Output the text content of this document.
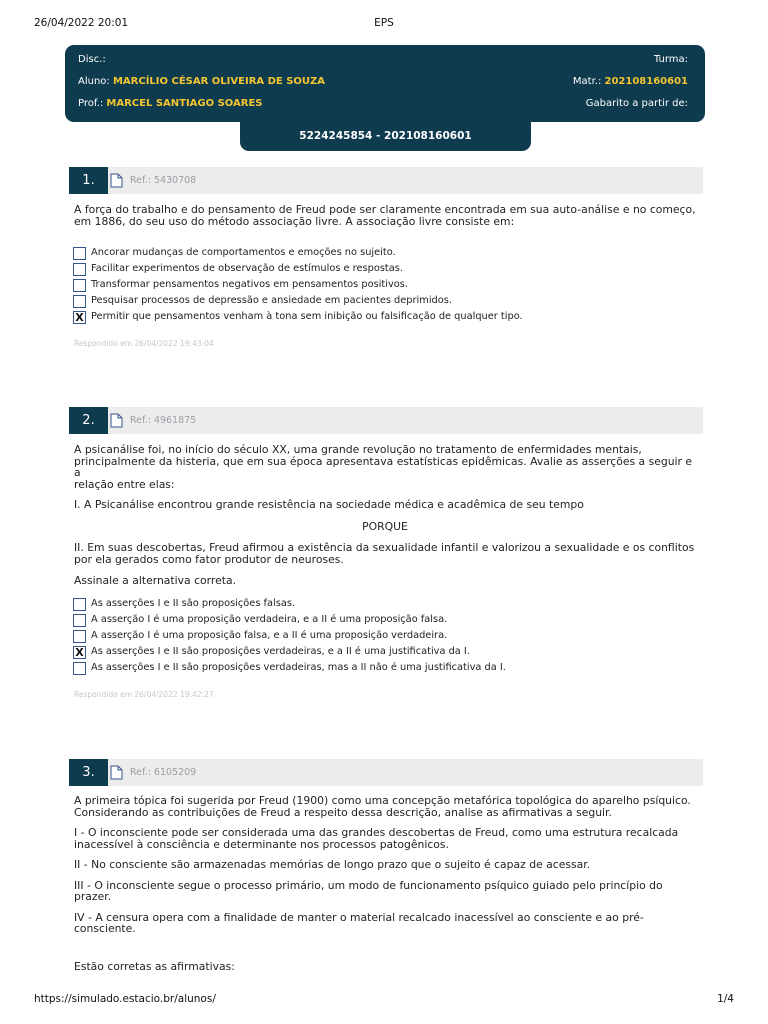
26/04/2022 20:01	EPS
Disc.:	Turma:
Aluno: MARCÍLIO CÉSAR OLIVEIRA DE SOUZA	Matr.: 202108160601
Prof.: MARCEL SANTIAGO SOARES	Gabarito a partir de:
5224245854 - 202108160601
1.	Ref.: 5430708
A força do trabalho e do pensamento de Freud pode ser claramente encontrada em sua auto-análise e no começo,
em 1886, do seu uso do método associação livre. A associação livre consiste em:
Ancorar mudanças de comportamentos e emoções no sujeito.
Facilitar experimentos de observação de estímulos e respostas.
Transformar pensamentos negativos em pensamentos positivos.
Pesquisar processos de depressão e ansiedade em pacientes deprimidos.
X Permitir que pensamentos venham à tona sem inibição ou falsificação de qualquer tipo.
Respondido em 26/04/2022 19:43:04
2.	Ref.: 4961875
A psicanálise foi, no início do século XX, uma grande revolução no tratamento de enfermidades mentais,
principalmente da histeria, que em sua época apresentava estatísticas epidêmicas. Avalie as asserções a seguir e a
relação entre elas:
I. A Psicanálise encontrou grande resistência na sociedade médica e acadêmica de seu tempo
PORQUE
II. Em suas descobertas, Freud afirmou a existência da sexualidade infantil e valorizou a sexualidade e os conflitos
por ela gerados como fator produtor de neuroses.
Assinale a alternativa correta.
As asserções I e II são proposições falsas.
A asserção I é uma proposição verdadeira, e a II é uma proposição falsa.
A asserção I é uma proposição falsa, e a II é uma proposição verdadeira.
X As asserções I e II são proposições verdadeiras, e a II é uma justificativa da I.
As asserções I e II são proposições verdadeiras, mas a II não é uma justificativa da I.
Respondido em 26/04/2022 19:42:27
3.	Ref.: 6105209
A primeira tópica foi sugerida por Freud (1900) como uma concepção metafórica topológica do aparelho psíquico.
Considerando as contribuições de Freud a respeito dessa descrição, analise as afirmativas a seguir.
I - O inconsciente pode ser considerada uma das grandes descobertas de Freud, como uma estrutura recalcada
inacessível à consciência e determinante nos processos patogênicos.
II - No consciente são armazenadas memórias de longo prazo que o sujeito é capaz de acessar.
III - O inconsciente segue o processo primário, um modo de funcionamento psíquico guiado pelo princípio do
prazer.
IV - A censura opera com a finalidade de manter o material recalcado inacessível ao consciente e ao pré-
consciente.
Estão corretas as afirmativas:
https://simulado.estacio.br/alunos/	1/4
